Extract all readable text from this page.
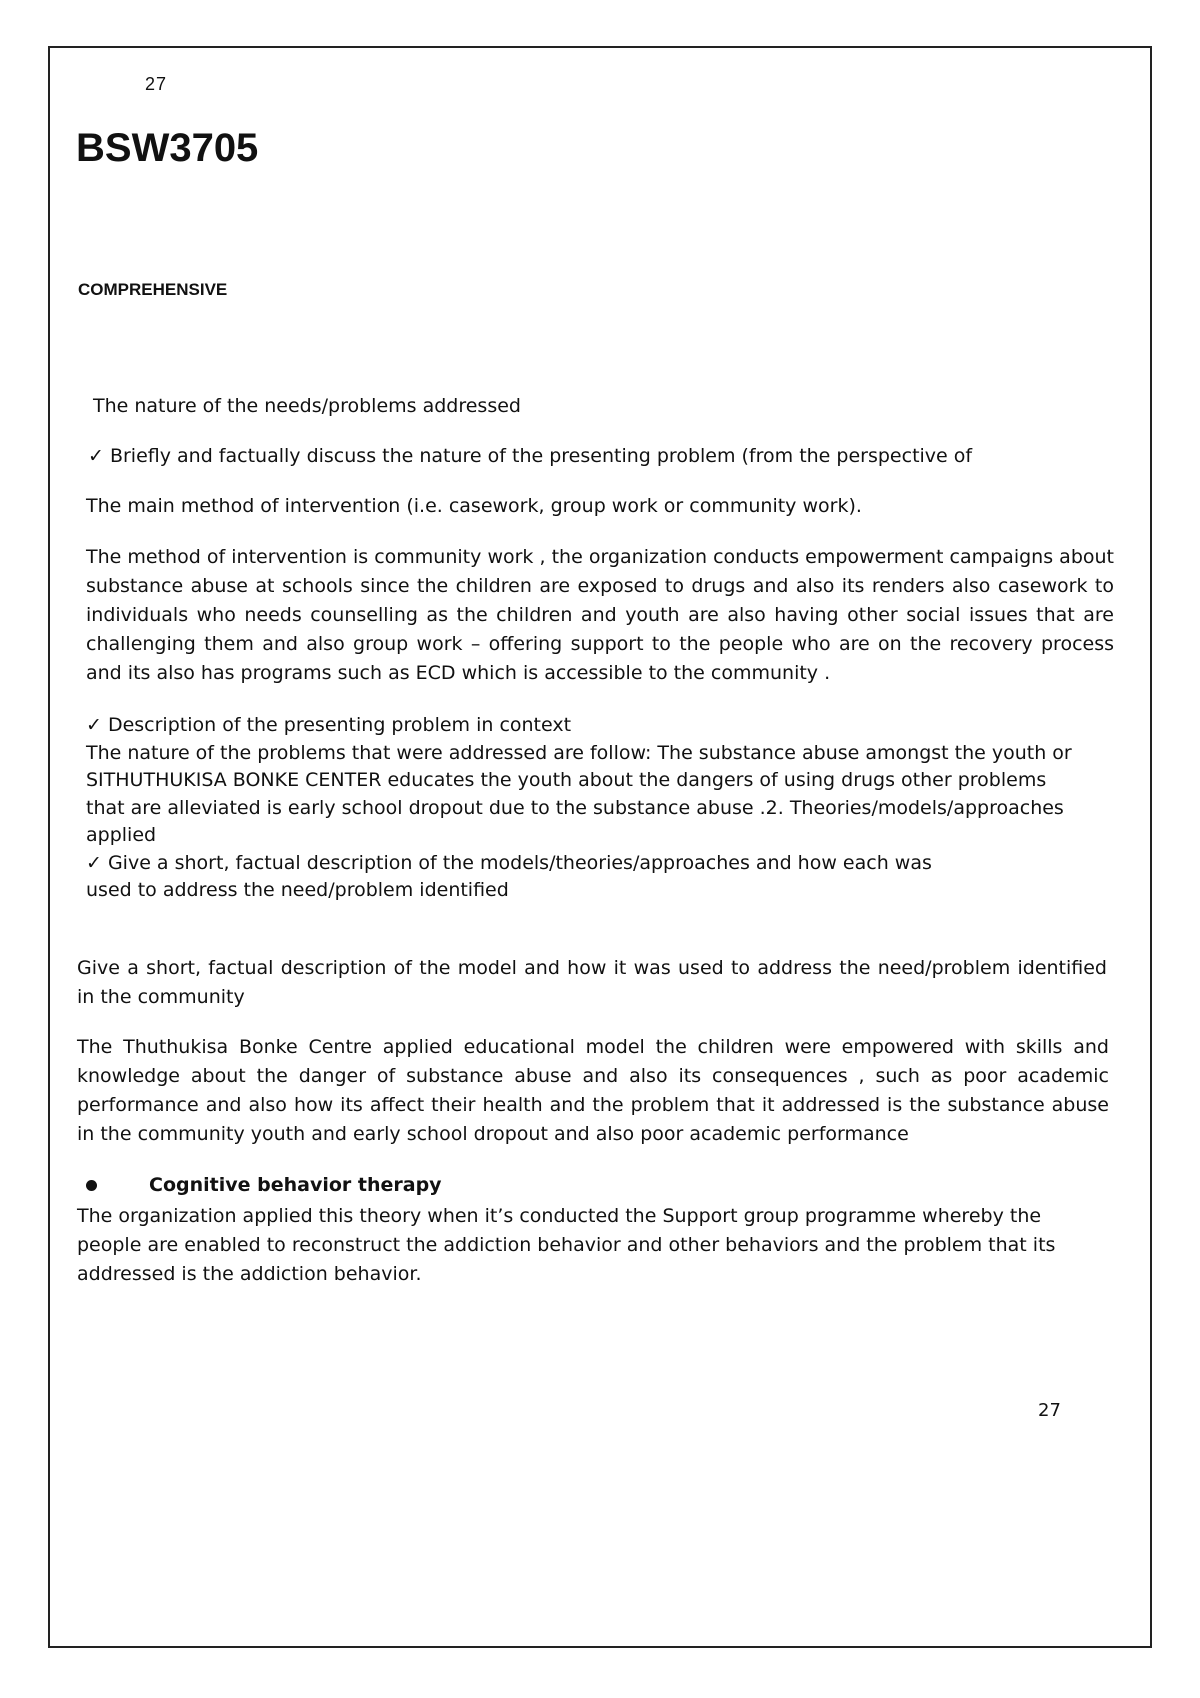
27
BSW3705
COMPREHENSIVE

The nature of the needs/problems addressed

✓ Briefly and factually discuss the nature of the presenting problem (from the perspective of

The main method of intervention (i.e. casework, group work or community work).

The method of intervention is community work , the organization conducts empowerment campaigns about substance abuse at schools since the children are exposed to drugs and also its renders also casework to individuals who needs counselling as the children and youth are also having other social issues that are challenging them and also group work – offering support to the people who are on the recovery process and its also has programs such as ECD which is accessible to the community .

✓ Description of the presenting problem in context
The nature of the problems that were addressed are follow: The substance abuse amongst the youth or
SITHUTHUKISA BONKE CENTER educates the youth about the dangers of using drugs other problems
that are alleviated is early school dropout due to the substance abuse .2. Theories/models/approaches
applied
✓ Give a short, factual description of the models/theories/approaches and how each was
used to address the need/problem identified

Give a short, factual description of the model and how it was used to address the need/problem identified in the community

The Thuthukisa Bonke Centre applied educational model the children were empowered with skills and knowledge about the danger of substance abuse and also its consequences , such as poor academic performance and also how its affect their health and the problem that it addressed is the substance abuse in the community youth and early school dropout and also poor academic performance

Cognitive behavior therapy
The organization applied this theory when it’s conducted the Support group programme whereby the
people are enabled to reconstruct the addiction behavior and other behaviors and the problem that its
addressed is the addiction behavior.
27
